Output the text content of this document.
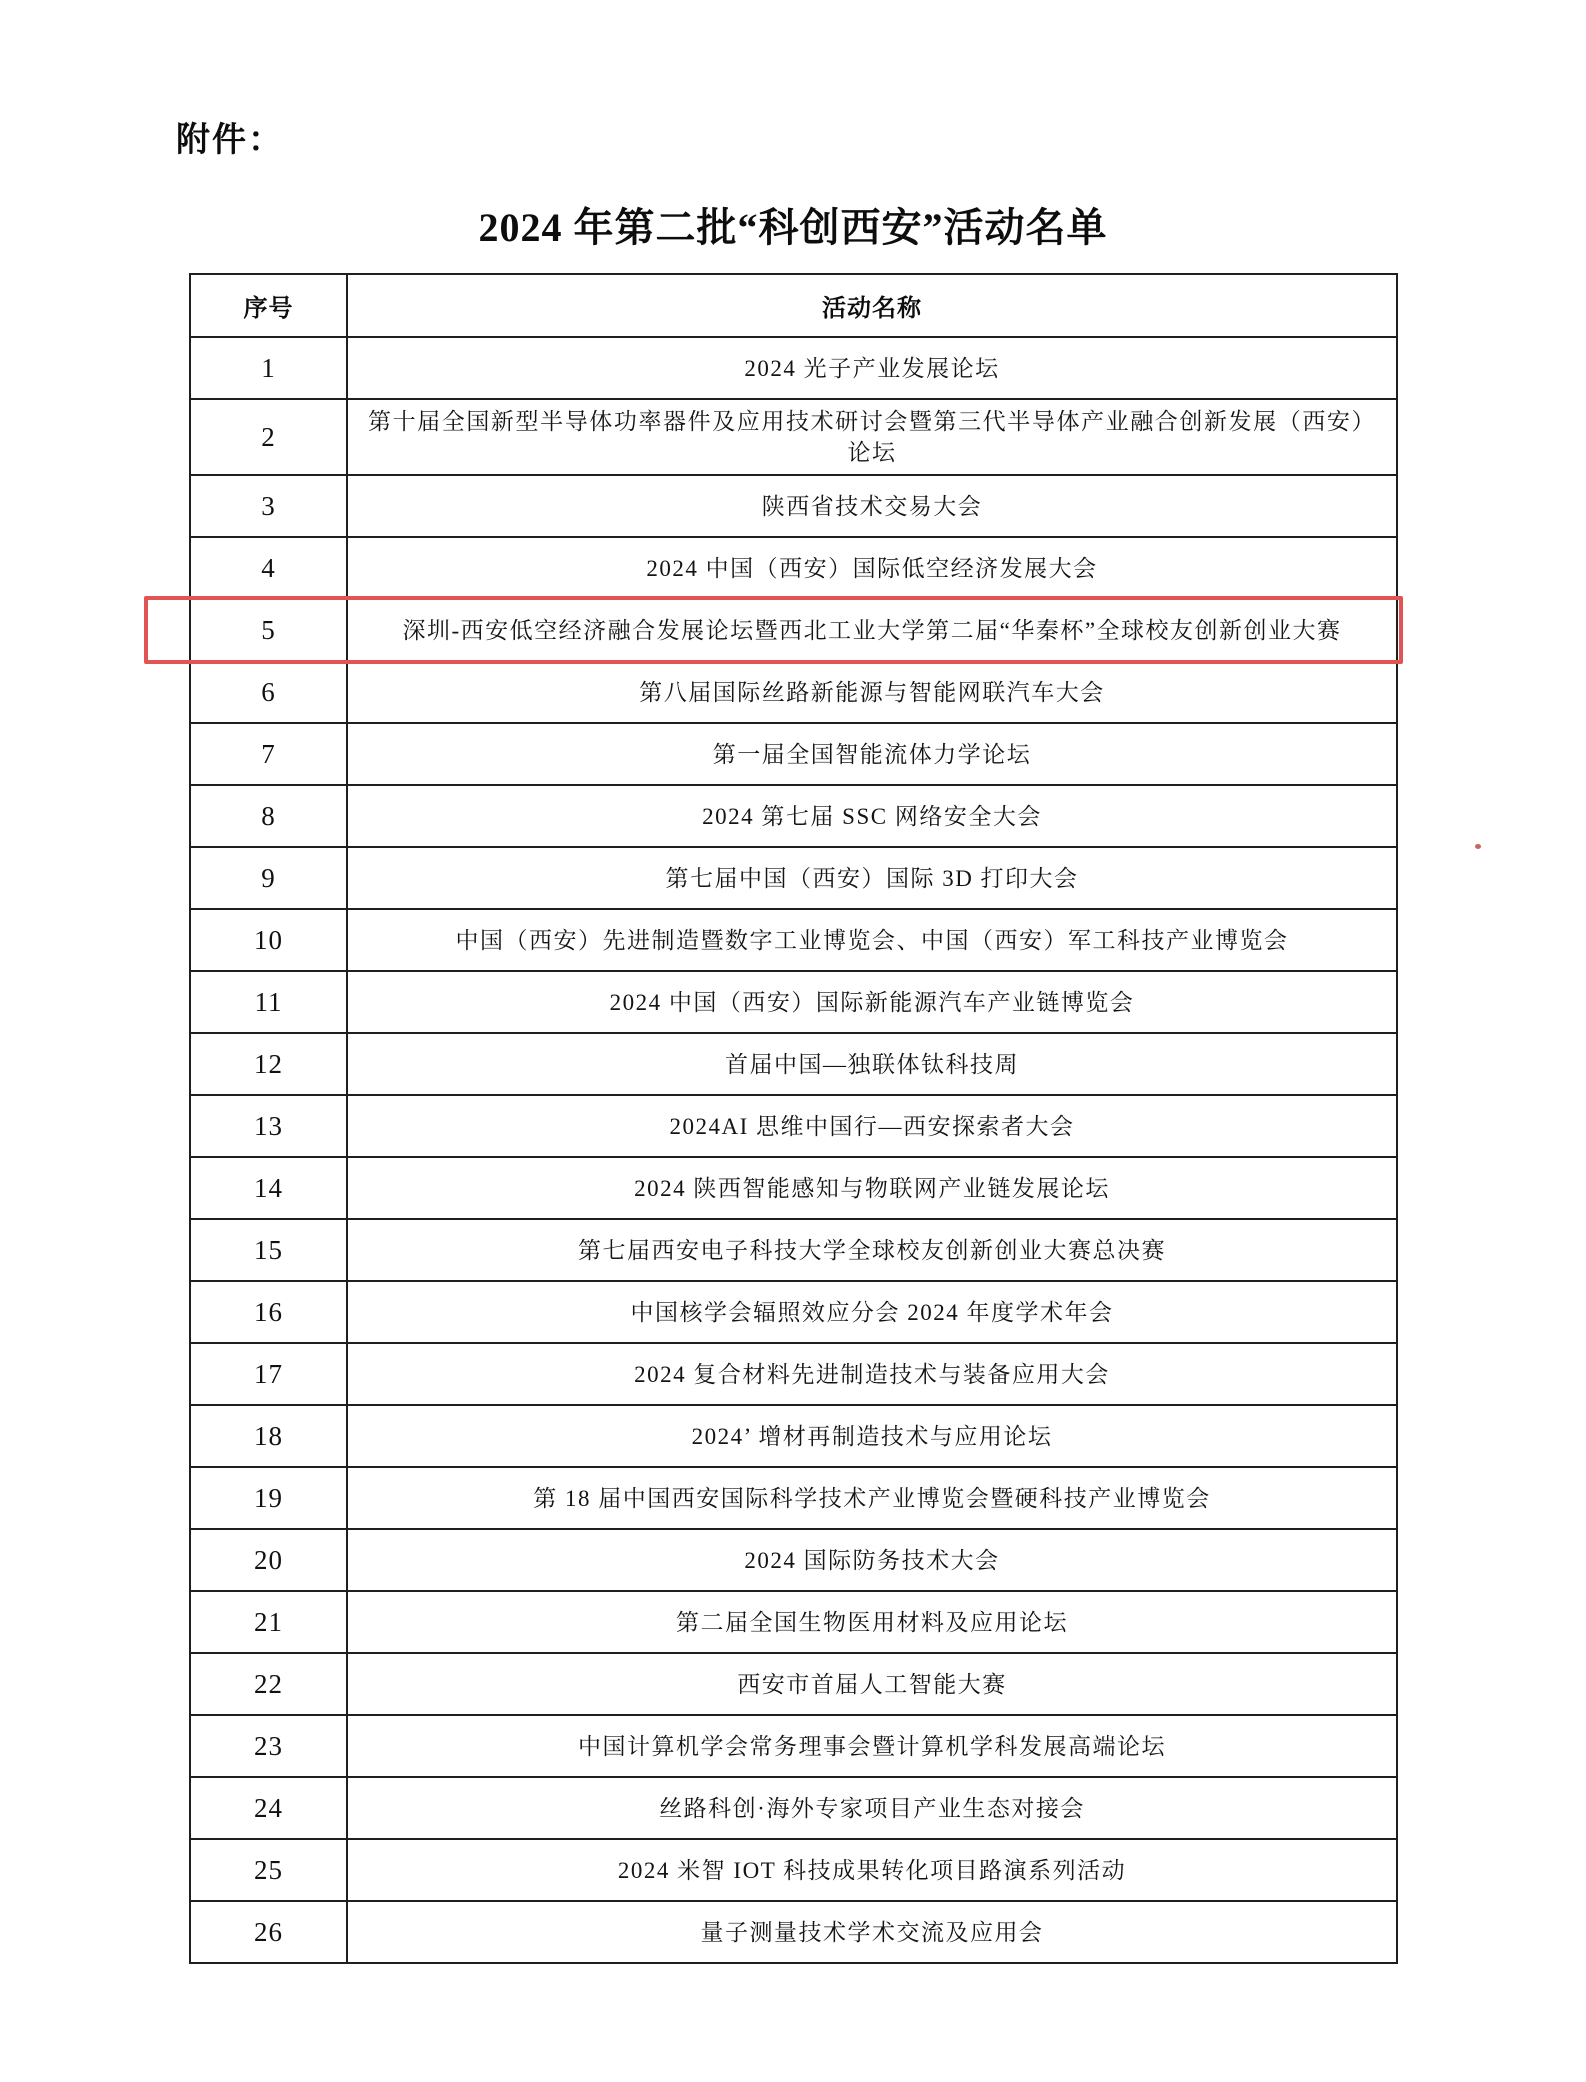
附件：
2024 年第二批“科创西安”活动名单
序号	活动名称
1	2024 光子产业发展论坛
2	第十届全国新型半导体功率器件及应用技术研讨会暨第三代半导体产业融合创新发展（西安）论坛
3	陕西省技术交易大会
4	2024 中国（西安）国际低空经济发展大会
5	深圳-西安低空经济融合发展论坛暨西北工业大学第二届“华秦杯”全球校友创新创业大赛
6	第八届国际丝路新能源与智能网联汽车大会
7	第一届全国智能流体力学论坛
8	2024 第七届 SSC 网络安全大会
9	第七届中国（西安）国际 3D 打印大会
10	中国（西安）先进制造暨数字工业博览会、中国（西安）军工科技产业博览会
11	2024 中国（西安）国际新能源汽车产业链博览会
12	首届中国—独联体钛科技周
13	2024AI 思维中国行—西安探索者大会
14	2024 陕西智能感知与物联网产业链发展论坛
15	第七届西安电子科技大学全球校友创新创业大赛总决赛
16	中国核学会辐照效应分会 2024 年度学术年会
17	2024 复合材料先进制造技术与装备应用大会
18	2024’ 增材再制造技术与应用论坛
19	第 18 届中国西安国际科学技术产业博览会暨硬科技产业博览会
20	2024 国际防务技术大会
21	第二届全国生物医用材料及应用论坛
22	西安市首届人工智能大赛
23	中国计算机学会常务理事会暨计算机学科发展高端论坛
24	丝路科创·海外专家项目产业生态对接会
25	2024 米智 IOT 科技成果转化项目路演系列活动
26	量子测量技术学术交流及应用会
